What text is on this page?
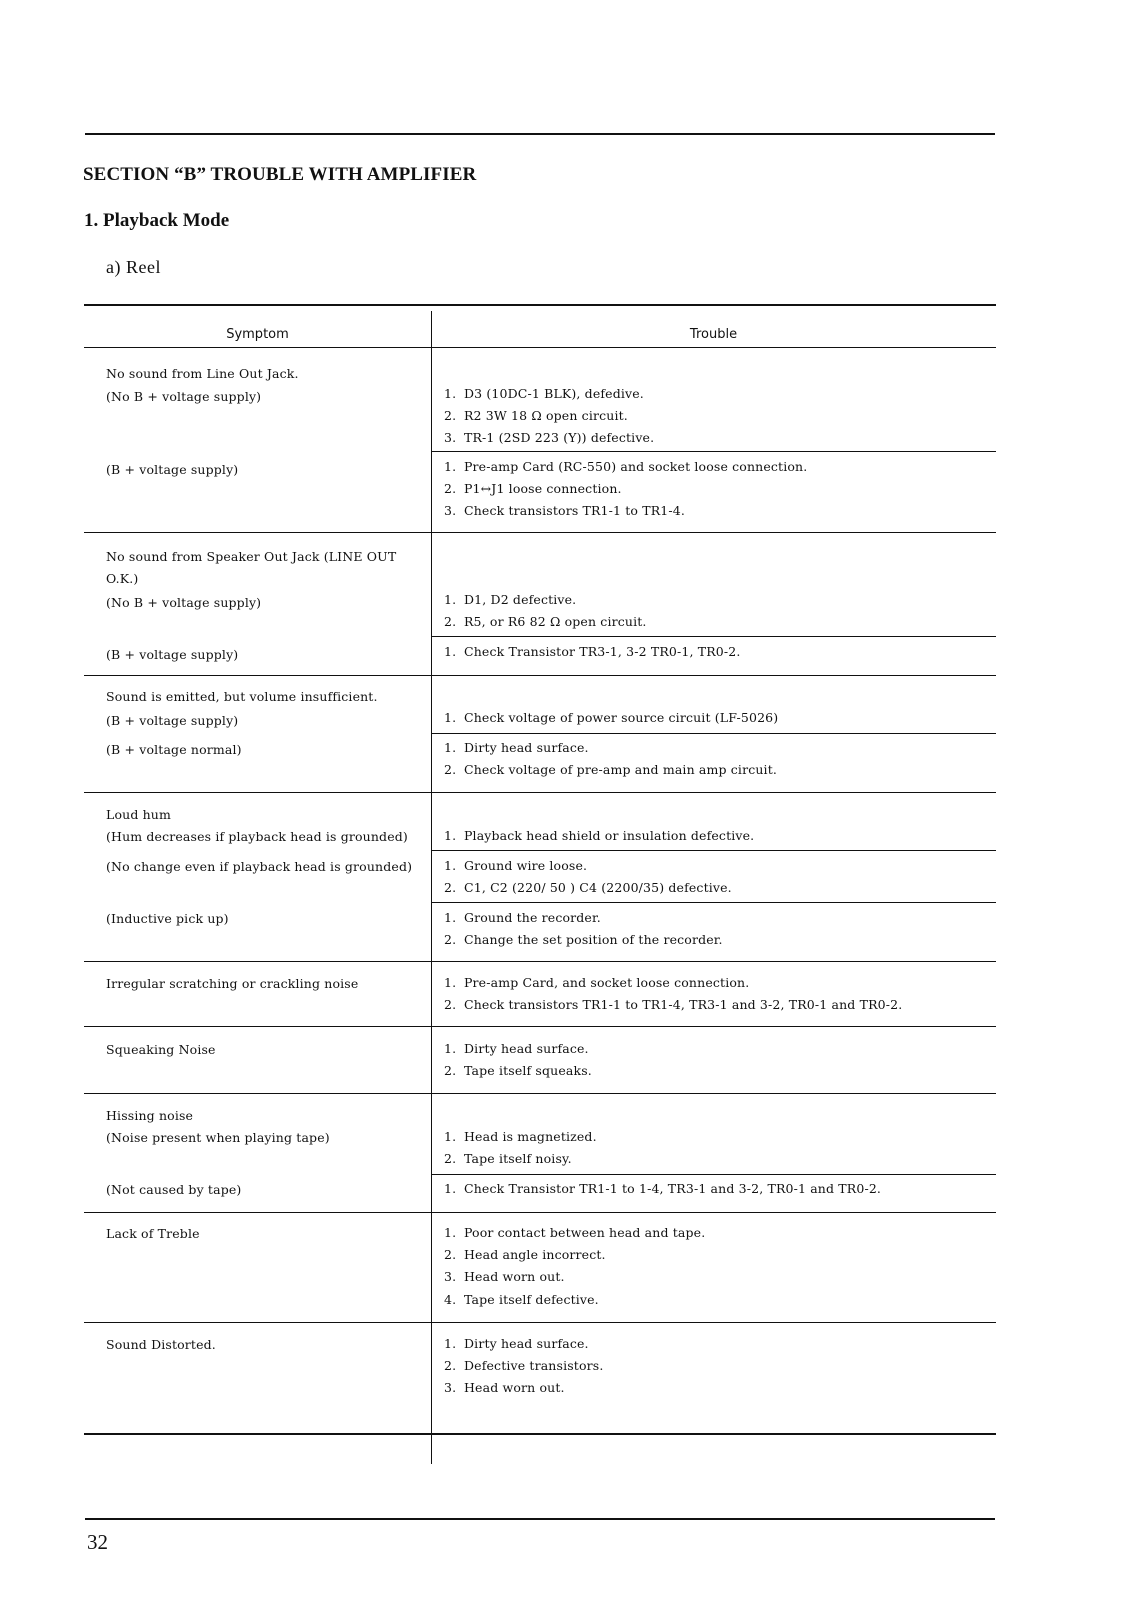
SECTION “B” TROUBLE WITH AMPLIFIER
1. Playback Mode
a) Reel
Symptom	Trouble
No sound from Line Out Jack.
(No B + voltage supply)
(B + voltage supply)
No sound from Speaker Out Jack (LINE OUT
O.K.)
(No B + voltage supply)
(B + voltage supply)
Sound is emitted, but volume insufficient.
(B + voltage supply)
(B + voltage normal)
Loud hum
(Hum decreases if playback head is grounded)
(No change even if playback head is grounded)
(Inductive pick up)
Irregular scratching or crackling noise
Squeaking Noise
Hissing noise
(Noise present when playing tape)
(Not caused by tape)
Lack of Treble
Sound Distorted.
1. D3 (10DC-1 BLK), defedive.
2. R2 3W 18 Ω open circuit.
3. TR-1 (2SD 223 (Y)) defective.
1. Pre-amp Card (RC-550) and socket loose connection.
2. P1↔J1 loose connection.
3. Check transistors TR1-1 to TR1-4.
1. D1, D2 defective.
2. R5, or R6 82 Ω open circuit.
1. Check Transistor TR3-1, 3-2 TR0-1, TR0-2.
1. Check voltage of power source circuit (LF-5026)
1. Dirty head surface.
2. Check voltage of pre-amp and main amp circuit.
1. Playback head shield or insulation defective.
1. Ground wire loose.
2. C1, C2 (220/ 50 ) C4 (2200/35) defective.
1. Ground the recorder.
2. Change the set position of the recorder.
1. Pre-amp Card, and socket loose connection.
2. Check transistors TR1-1 to TR1-4, TR3-1 and 3-2, TR0-1 and TR0-2.
1. Dirty head surface.
2. Tape itself squeaks.
1. Head is magnetized.
2. Tape itself noisy.
1. Check Transistor TR1-1 to 1-4, TR3-1 and 3-2, TR0-1 and TR0-2.
1. Poor contact between head and tape.
2. Head angle incorrect.
3. Head worn out.
4. Tape itself defective.
1. Dirty head surface.
2. Defective transistors.
3. Head worn out.
32
